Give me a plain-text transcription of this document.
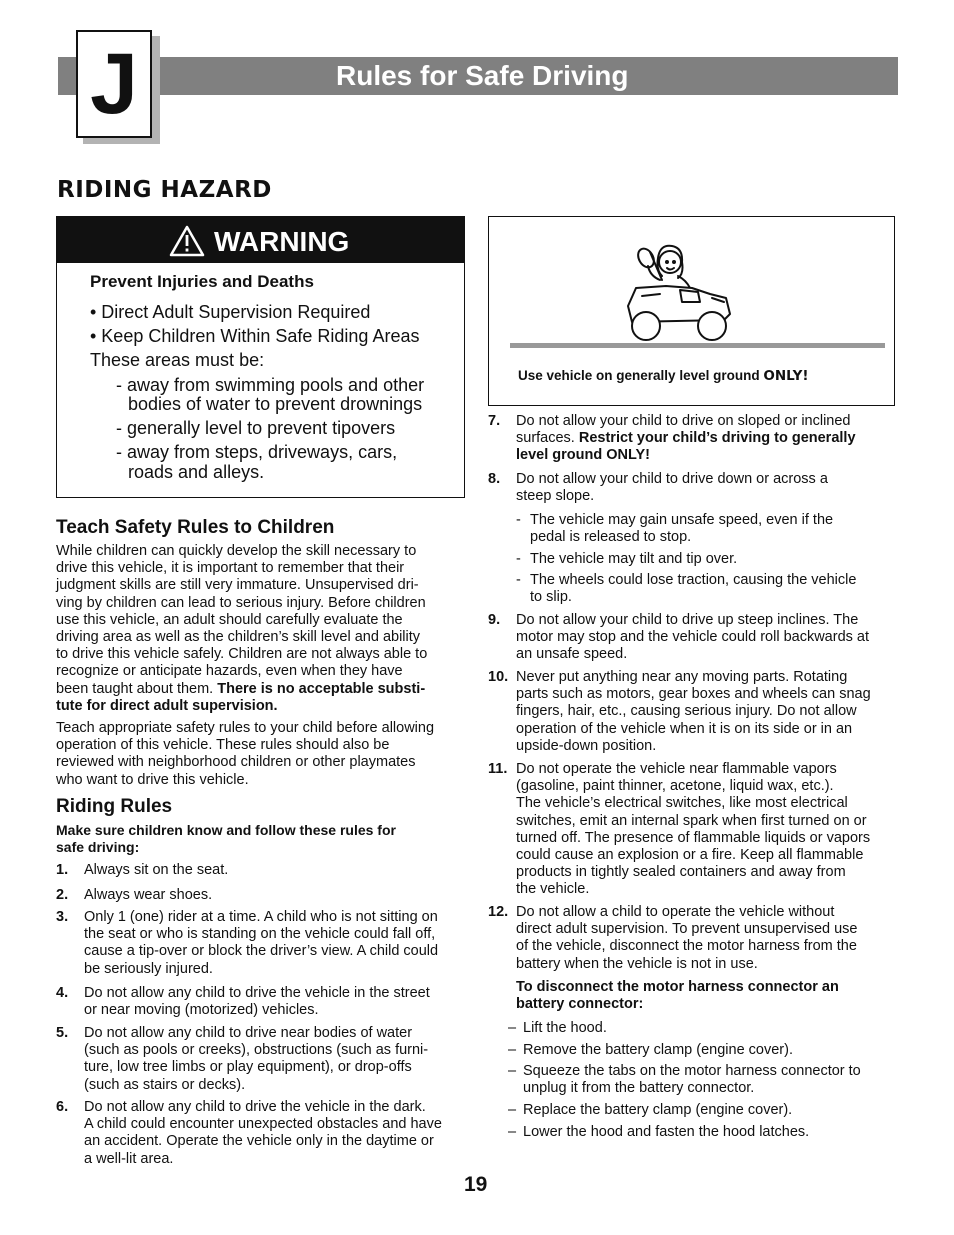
Rules for Safe Driving
J
RIDING HAZARD
WARNING
Prevent Injuries and Deaths
• Direct Adult Supervision Required
• Keep Children Within Safe Riding Areas
These areas must be:
- away from swimming pools and other
bodies of water to prevent drownings
- generally level to prevent tipovers
- away from steps, driveways, cars,
roads and alleys.
Teach Safety Rules to Children
While children can quickly develop the skill necessary to
drive this vehicle, it is important to remember that their
judgment skills are still very immature. Unsupervised dri-
ving by children can lead to serious injury. Before children
use this vehicle, an adult should carefully evaluate the
driving area as well as the children’s skill level and ability
to drive this vehicle safely. Children are not always able to
recognize or anticipate hazards, even when they have
been taught about them. There is no acceptable substi-
tute for direct adult supervision.
Teach appropriate safety rules to your child before allowing
operation of this vehicle. These rules should also be
reviewed with neighborhood children or other playmates
who want to drive this vehicle.
Riding Rules
Make sure children know and follow these rules for
safe driving:
1. Always sit on the seat.
2. Always wear shoes.
3. Only 1 (one) rider at a time. A child who is not sitting on
the seat or who is standing on the vehicle could fall off,
cause a tip-over or block the driver’s view. A child could
be seriously injured.
4. Do not allow any child to drive the vehicle in the street
or near moving (motorized) vehicles.
5. Do not allow any child to drive near bodies of water
(such as pools or creeks), obstructions (such as furni-
ture, low tree limbs or play equipment), or drop-offs
(such as stairs or decks).
6. Do not allow any child to drive the vehicle in the dark.
A child could encounter unexpected obstacles and have
an accident. Operate the vehicle only in the daytime or
a well-lit area.
Use vehicle on generally level ground ONLY!
7. Do not allow your child to drive on sloped or inclined
surfaces. Restrict your child’s driving to generally
level ground ONLY!
8. Do not allow your child to drive down or across a
steep slope.
- The vehicle may gain unsafe speed, even if the
pedal is released to stop.
- The vehicle may tilt and tip over.
- The wheels could lose traction, causing the vehicle
to slip.
9. Do not allow your child to drive up steep inclines. The
motor may stop and the vehicle could roll backwards at
an unsafe speed.
10. Never put anything near any moving parts. Rotating
parts such as motors, gear boxes and wheels can snag
fingers, hair, etc., causing serious injury. Do not allow
operation of the vehicle when it is on its side or in an
upside-down position.
11. Do not operate the vehicle near flammable vapors
(gasoline, paint thinner, acetone, liquid wax, etc.).
The vehicle’s electrical switches, like most electrical
switches, emit an internal spark when first turned on or
turned off. The presence of flammable liquids or vapors
could cause an explosion or a fire. Keep all flammable
products in tightly sealed containers and away from
the vehicle.
12. Do not allow a child to operate the vehicle without
direct adult supervision. To prevent unsupervised use
of the vehicle, disconnect the motor harness from the
battery when the vehicle is not in use.
To disconnect the motor harness connector an
battery connector:
– Lift the hood.
– Remove the battery clamp (engine cover).
– Squeeze the tabs on the motor harness connector to
unplug it from the battery connector.
– Replace the battery clamp (engine cover).
– Lower the hood and fasten the hood latches.
19
